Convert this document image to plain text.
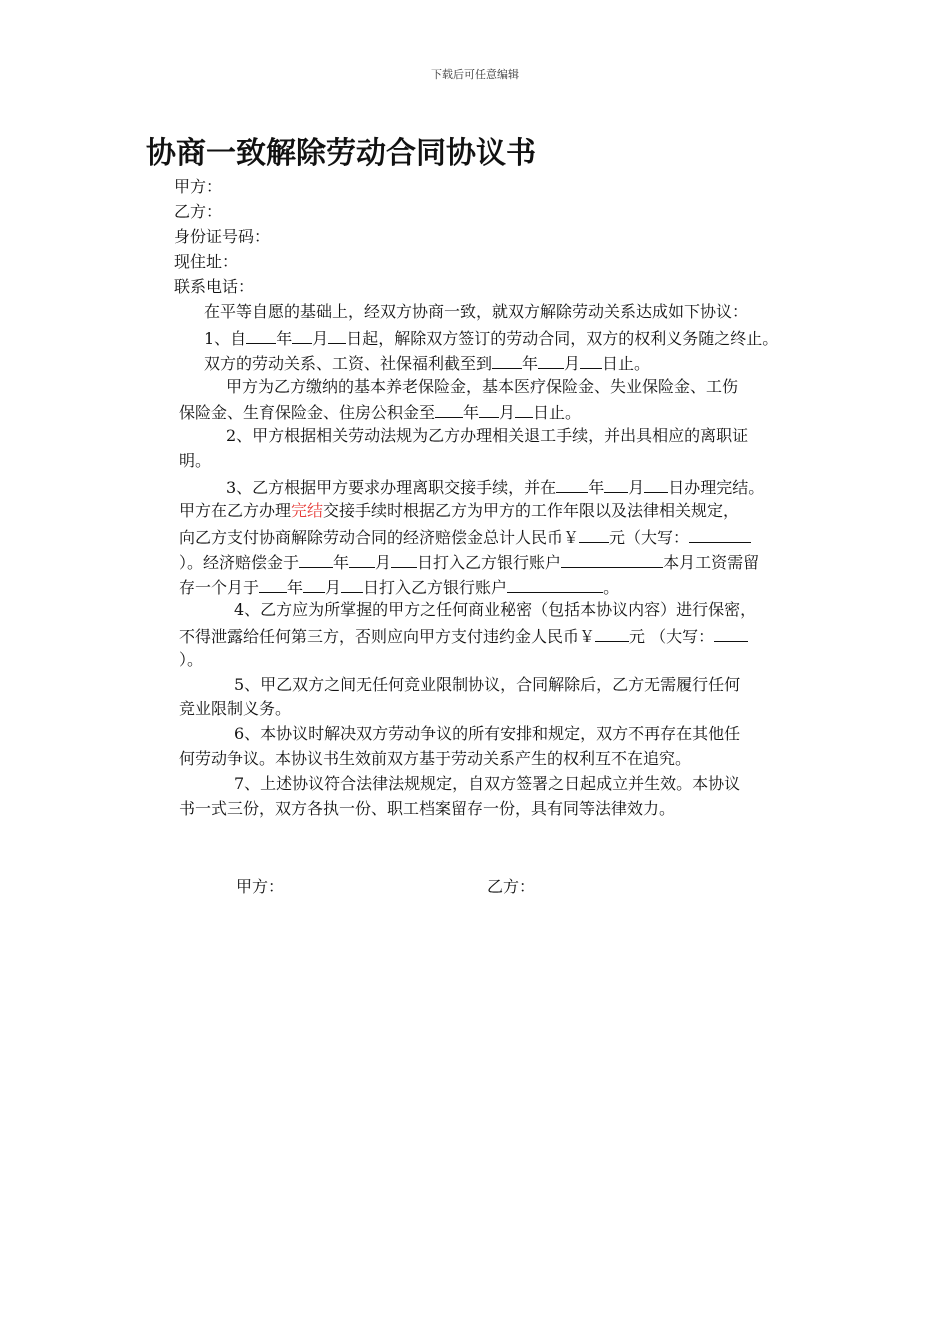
下载后可任意编辑
协商一致解除劳动合同协议书
甲方：
乙方：
身份证号码：
现住址：
联系电话：
在平等自愿的基础上，经双方协商一致，就双方解除劳动关系达成如下协议：
1、自 年 月 日起，解除双方签订的劳动合同，双方的权利义务随之终止。
双方的劳动关系、工资、社保福利截至到 年 月 日止。
甲方为乙方缴纳的基本养老保险金，基本医疗保险金、失业保险金、工伤
保险金、生育保险金、住房公积金至 年 月 日止。
2、甲方根据相关劳动法规为乙方办理相关退工手续，并出具相应的离职证
明。
3、乙方根据甲方要求办理离职交接手续，并在 年 月 日办理完结。
甲方在乙方办理完结交接手续时根据乙方为甲方的工作年限以及法律相关规定，
向乙方支付协商解除劳动合同的经济赔偿金总计人民币￥ 元（大写：
）。经济赔偿金于 年 月 日打入乙方银行账户	本月工资需留
存一个月于 年 月 日打入乙方银行账户	。
4、乙方应为所掌握的甲方之任何商业秘密（包括本协议内容）进行保密，
不得泄露给任何第三方，否则应向甲方支付违约金人民币￥ 元 （大写：
）。
5、甲乙双方之间无任何竞业限制协议，合同解除后，乙方无需履行任何
竞业限制义务。
6、本协议时解决双方劳动争议的所有安排和规定，双方不再存在其他任
何劳动争议。本协议书生效前双方基于劳动关系产生的权利互不在追究。
7、上述协议符合法律法规规定，自双方签署之日起成立并生效。本协议
书一式三份，双方各执一份、职工档案留存一份，具有同等法律效力。
甲方：	乙方：
